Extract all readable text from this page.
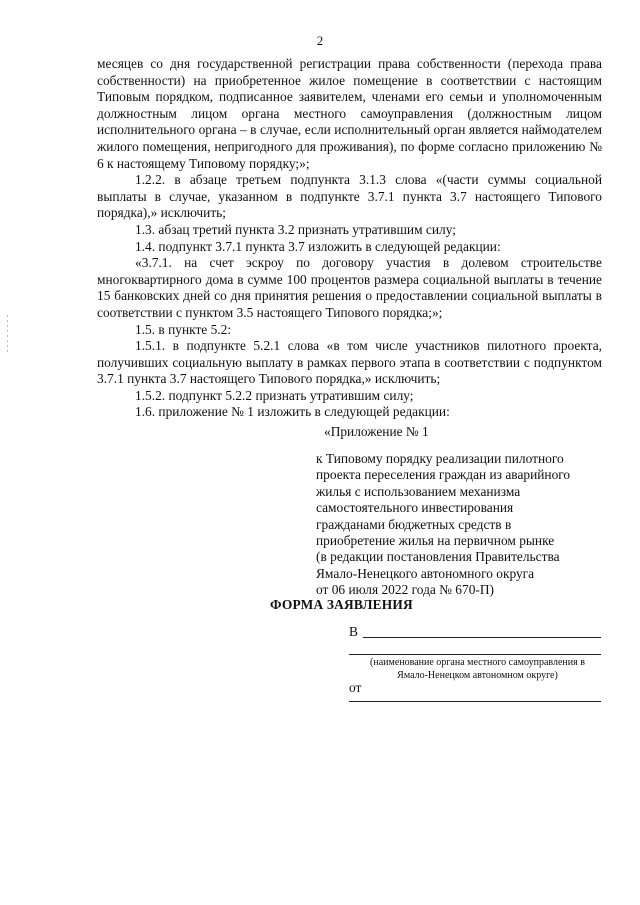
2

месяцев со дня государственной регистрации права собственности (перехода права собственности) на приобретенное жилое помещение в соответствии с настоящим Типовым порядком, подписанное заявителем, членами его семьи и уполномоченным должностным лицом органа местного самоуправления (должностным лицом исполнительного органа – в случае, если исполнительный орган является наймодателем жилого помещения, непригодного для проживания), по форме согласно приложению № 6 к настоящему Типовому порядку;»;

1.2.2. в абзаце третьем подпункта 3.1.3 слова «(части суммы социальной выплаты в случае, указанном в подпункте 3.7.1 пункта 3.7 настоящего Типового порядка),» исключить;

1.3. абзац третий пункта 3.2 признать утратившим силу;

1.4. подпункт 3.7.1 пункта 3.7 изложить в следующей редакции:

«3.7.1. на счет эскроу по договору участия в долевом строительстве многоквартирного дома в сумме 100 процентов размера социальной выплаты в течение 15 банковских дней со дня принятия решения о предоставлении социальной выплаты в соответствии с пунктом 3.5 настоящего Типового порядка;»;

1.5. в пункте 5.2:

1.5.1. в подпункте 5.2.1 слова «в том числе участников пилотного проекта, получивших социальную выплату в рамках первого этапа в соответствии с подпунктом 3.7.1 пункта 3.7 настоящего Типового порядка,» исключить;

1.5.2. подпункт 5.2.2 признать утратившим силу;

1.6. приложение № 1 изложить в следующей редакции:

«Приложение № 1
к Типовому порядку реализации пилотного
проекта переселения граждан из аварийного
жилья с использованием механизма
самостоятельного инвестирования
гражданами бюджетных средств в
приобретение жилья на первичном рынке
(в редакции постановления Правительства
Ямало-Ненецкого автономного округа
от 06 июля 2022 года № 670-П)
ФОРМА ЗАЯВЛЕНИЯ
В
(наименование органа местного самоуправления в
Ямало-Ненецком автономном округе)
от
